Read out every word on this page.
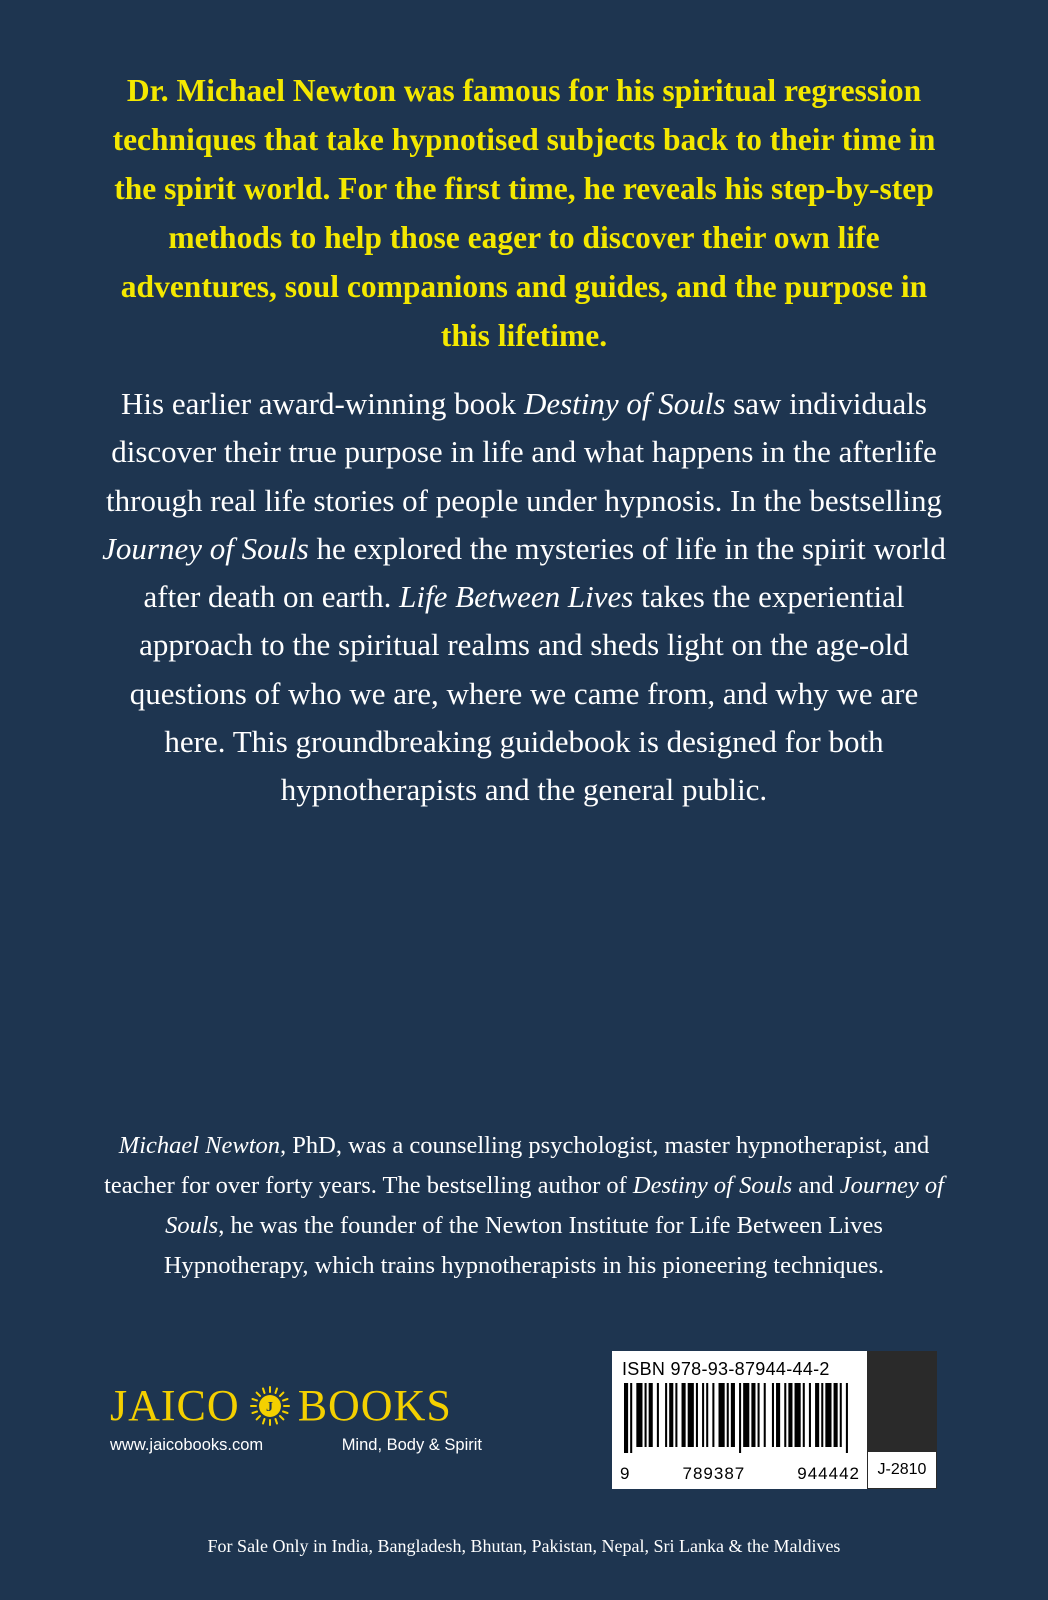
Dr. Michael Newton was famous for his spiritual regression techniques that take hypnotised subjects back to their time in the spirit world. For the first time, he reveals his step-by-step methods to help those eager to discover their own life adventures, soul companions and guides, and the purpose in this lifetime.
His earlier award-winning book Destiny of Souls saw individuals discover their true purpose in life and what happens in the afterlife through real life stories of people under hypnosis. In the bestselling Journey of Souls he explored the mysteries of life in the spirit world after death on earth. Life Between Lives takes the experiential approach to the spiritual realms and sheds light on the age-old questions of who we are, where we came from, and why we are here. This groundbreaking guidebook is designed for both hypnotherapists and the general public.
Michael Newton, PhD, was a counselling psychologist, master hypnotherapist, and teacher for over forty years. The bestselling author of Destiny of Souls and Journey of Souls, he was the founder of the Newton Institute for Life Between Lives Hypnotherapy, which trains hypnotherapists in his pioneering techniques.
JAICO J BOOKS
www.jaicobooks.com	Mind, Body & Spirit
ISBN 978-93-87944-44-2
9	789387	944442	J-2810
For Sale Only in India, Bangladesh, Bhutan, Pakistan, Nepal, Sri Lanka & the Maldives
